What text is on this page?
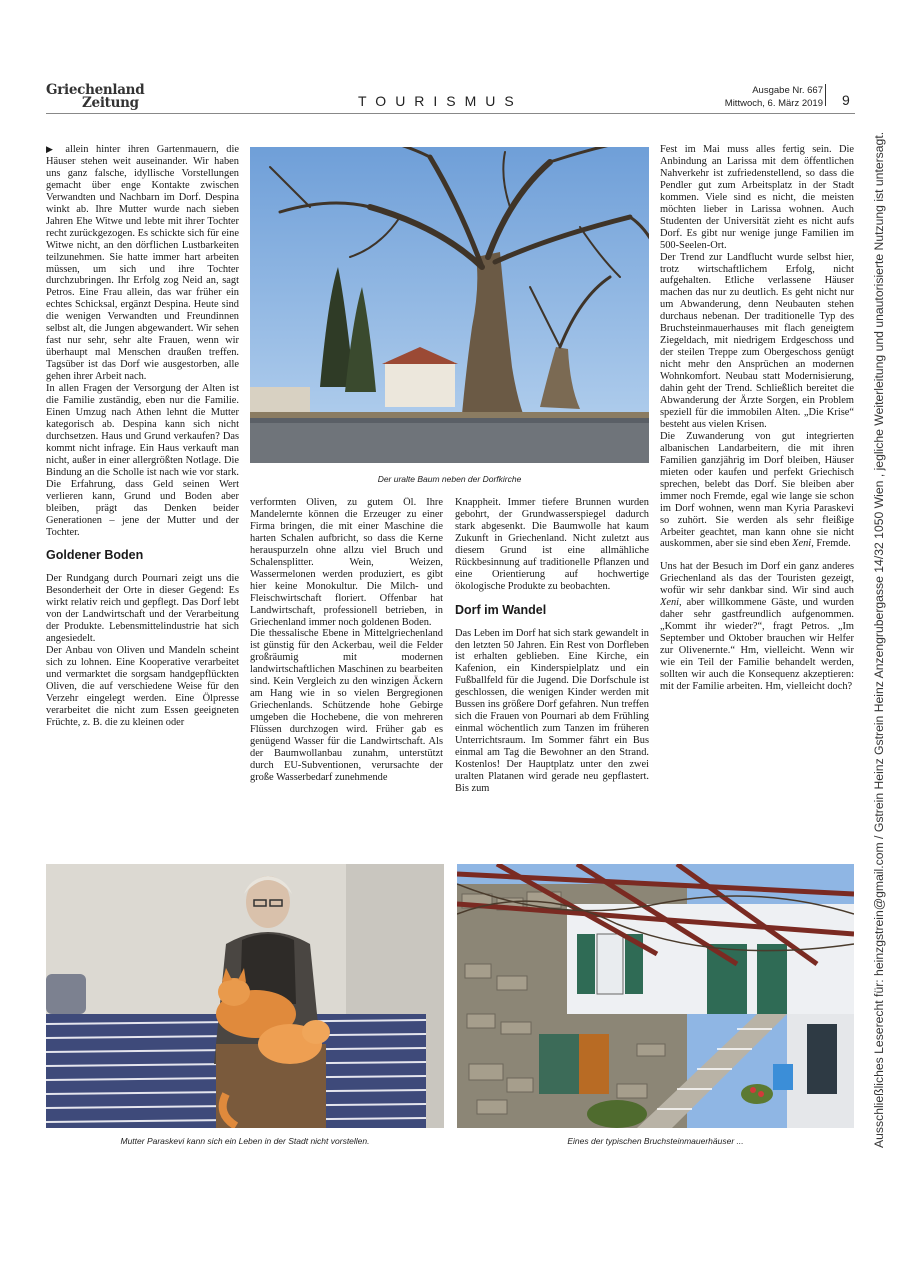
Griechenland
Zeitung	TOURISMUS
Ausgabe Nr. 667
Mittwoch, 6. März 2019 9

▶ allein hinter ihren Gartenmauern, die Häuser stehen weit auseinander. Wir haben uns ganz falsche, idyllische Vorstellungen gemacht über enge Kontakte zwischen Verwandten und Nachbarn im Dorf. Despina winkt ab. Ihre Mutter wurde nach sieben Jahren Ehe Witwe und lebte mit ihrer Tochter recht zurückgezogen. Es schickte sich für eine Witwe nicht, an den dörflichen Lustbarkeiten teilzunehmen. Sie hatte immer hart arbeiten müssen, um sich und ihre Tochter durchzubringen. Ihr Erfolg zog Neid an, sagt Petros. Eine Frau allein, das war früher ein echtes Schicksal, ergänzt Despina. Heute sind die wenigen Verwandten und Freundinnen selbst alt, die Jungen abgewandert. Wir sehen fast nur sehr, sehr alte Frauen, wenn wir überhaupt mal Menschen draußen treffen. Tagsüber ist das Dorf wie ausgestorben, alle gehen ihrer Arbeit nach.

In allen Fragen der Versorgung der Alten ist die Familie zuständig, eben nur die Familie. Einen Umzug nach Athen lehnt die Mutter kategorisch ab. Despina kann sich nicht durchsetzen. Haus und Grund verkaufen? Das kommt nicht infrage. Ein Haus verkauft man nicht, außer in einer allergrößten Notlage. Die Bindung an die Scholle ist nach wie vor stark. Die Erfahrung, dass Geld seinen Wert verlieren kann, Grund und Boden aber bleiben, prägt das Denken beider Generationen – jene der Mutter und der Tochter.

Goldener Boden

Der Rundgang durch Pournari zeigt uns die Besonderheit der Orte in dieser Gegend: Es wirkt relativ reich und gepflegt. Das Dorf lebt von der Landwirtschaft und der Verarbeitung der Produkte. Lebensmittelindustrie hat sich angesiedelt.

Der Anbau von Oliven und Mandeln scheint sich zu lohnen. Eine Kooperative verarbeitet und vermarktet die sorgsam handgepflückten Oliven, die auf verschiedene Weise für den Verzehr eingelegt werden. Eine Ölpresse verarbeitet die nicht zum Essen geeigneten Früchte, z. B. die zu kleinen oder

Der uralte Baum neben der Dorfkirche

verformten Oliven, zu gutem Öl. Ihre Mandelernte können die Erzeuger zu einer Firma bringen, die mit einer Maschine die harten Schalen aufbricht, so dass die Kerne herauspurzeln ohne allzu viel Bruch und Schalensplitter. Wein, Weizen, Wassermelonen werden produziert, es gibt hier keine Monokultur. Die Milch- und Fleischwirtschaft floriert. Offenbar hat Landwirtschaft, professionell betrieben, in Griechenland immer noch goldenen Boden.

Die thessalische Ebene in Mittelgriechenland ist günstig für den Ackerbau, weil die Felder großräumig mit modernen landwirtschaftlichen Maschinen zu bearbeiten sind. Kein Vergleich zu den winzigen Äckern am Hang wie in so vielen Bergregionen Griechenlands. Schützende hohe Gebirge umgeben die Hochebene, die von mehreren Flüssen durchzogen wird. Früher gab es genügend Wasser für die Landwirtschaft. Als der Baumwollanbau zunahm, unterstützt durch EU-Subventionen, verursachte der große Wasserbedarf zunehmende

Knappheit. Immer tiefere Brunnen wurden gebohrt, der Grundwasserspiegel dadurch stark abgesenkt. Die Baumwolle hat kaum Zukunft in Griechenland. Nicht zuletzt aus diesem Grund ist eine allmähliche Rückbesinnung auf traditionelle Pflanzen und eine Orientierung auf hochwertige ökologische Produkte zu beobachten.

Dorf im Wandel

Das Leben im Dorf hat sich stark gewandelt in den letzten 50 Jahren. Ein Rest von Dorfleben ist erhalten geblieben. Eine Kirche, ein Kafenion, ein Kinderspielplatz und ein Fußballfeld für die Jugend. Die Dorfschule ist geschlossen, die wenigen Kinder werden mit Bussen ins größere Dorf gefahren. Nun treffen sich die Frauen von Pournari ab dem Frühling einmal wöchentlich zum Tanzen im früheren Unterrichtsraum. Im Sommer fährt ein Bus einmal am Tag die Bewohner an den Strand. Kostenlos! Der Hauptplatz unter den zwei uralten Platanen wird gerade neu gepflastert. Bis zum

Fest im Mai muss alles fertig sein. Die Anbindung an Larissa mit dem öffentlichen Nahverkehr ist zufriedenstellend, so dass die Pendler gut zum Arbeitsplatz in der Stadt kommen. Viele sind es nicht, die meisten möchten lieber in Larissa wohnen. Auch Studenten der Universität zieht es nicht aufs Dorf. Es gibt nur wenige junge Familien im 500-Seelen-Ort.

Der Trend zur Landflucht wurde selbst hier, trotz wirtschaftlichem Erfolg, nicht aufgehalten. Etliche verlassene Häuser machen das nur zu deutlich. Es geht nicht nur um Abwanderung, denn Neubauten stehen durchaus nebenan. Der traditionelle Typ des Bruchsteinmauerhauses mit flach geneigtem Ziegeldach, mit niedrigem Erdgeschoss und der steilen Treppe zum Obergeschoss genügt nicht mehr den Ansprüchen an modernen Wohnkomfort. Neubau statt Modernisierung, dahin geht der Trend. Schließlich bereitet die Abwanderung der Ärzte Sorgen, ein Problem speziell für die immobilen Alten. „Die Krise“ besteht aus vielen Krisen.

Die Zuwanderung von gut integrierten albanischen Landarbeitern, die mit ihren Familien ganzjährig im Dorf bleiben, Häuser mieten oder kaufen und perfekt Griechisch sprechen, belebt das Dorf. Sie bleiben aber immer noch Fremde, egal wie lange sie schon im Dorf wohnen, wenn man Kyria Paraskevi so zuhört. Sie werden als sehr fleißige Arbeiter geachtet, man kann ohne sie nicht auskommen, aber sie sind eben Xeni, Fremde.

Uns hat der Besuch im Dorf ein ganz anderes Griechenland als das der Touristen gezeigt, wofür wir sehr dankbar sind. Wir sind auch Xeni, aber willkommene Gäste, und wurden daher sehr gastfreundlich aufgenommen. „Kommt ihr wieder?“, fragt Petros. „Im September und Oktober brauchen wir Helfer zur Olivenernte.“ Hm, vielleicht. Wenn wir wie ein Teil der Familie behandelt werden, sollten wir auch die Konsequenz akzeptieren: mit der Familie arbeiten. Hm, vielleicht doch?

Mutter Paraskevi kann sich ein Leben in der Stadt nicht vorstellen.	Eines der typischen Bruchsteinmauerhäuser ...	Ausschließliches Leserecht für: heinzgstrein@gmail.com / Gstrein Heinz Gstrein Heinz Anzengrubergasse 14/32 1050 Wien , jegliche Weiterleitung und unautorisierte Nutzung ist untersagt.
